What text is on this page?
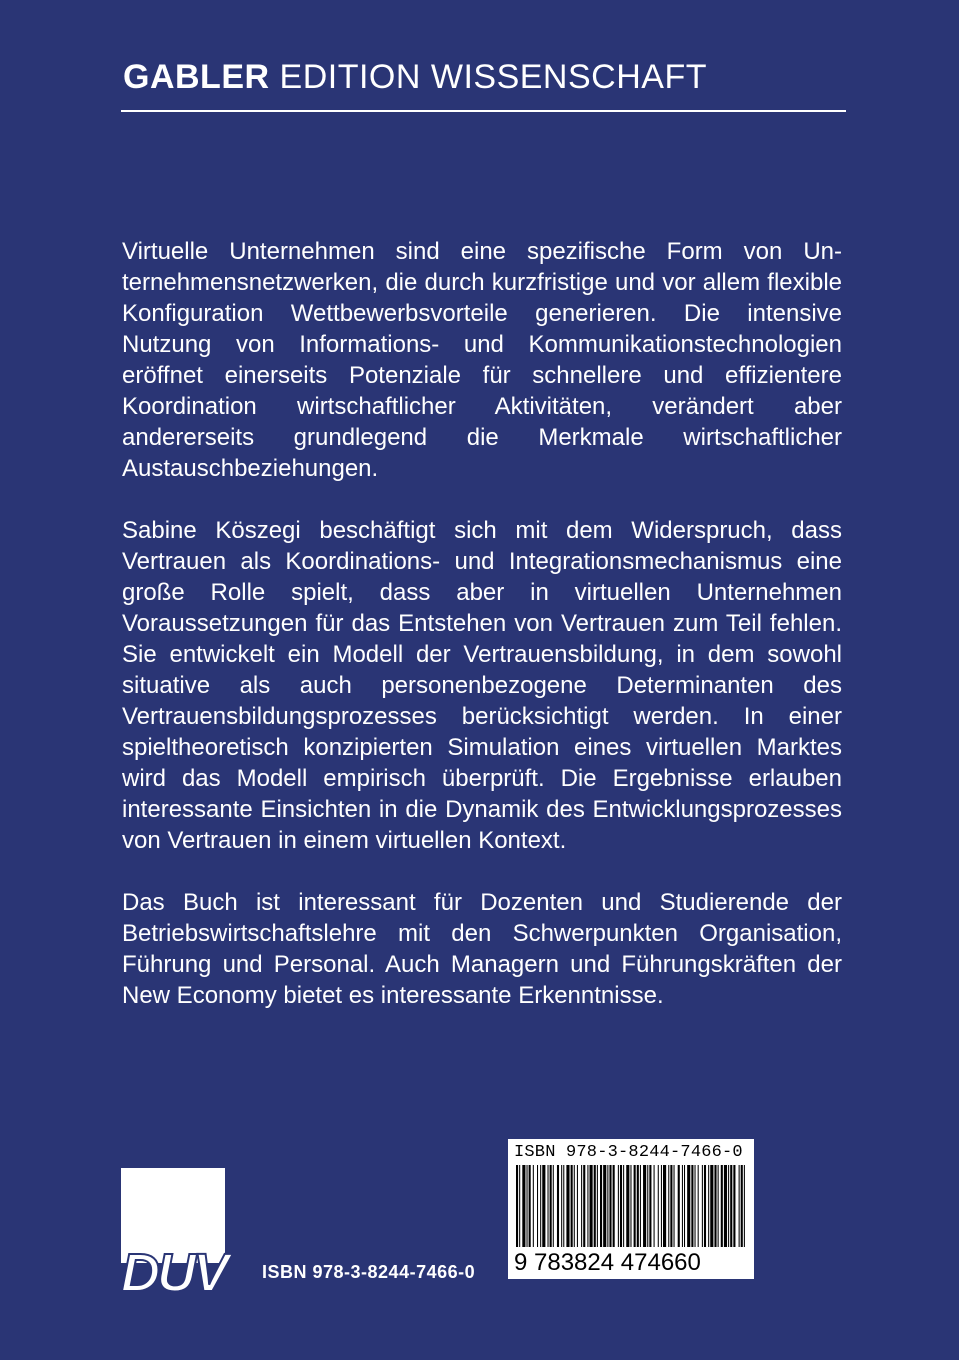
GABLER EDITION WISSENSCHAFT

Virtuelle Unternehmen sind eine spezifische Form von Unternehmensnetzwerken, die durch kurzfristige und vor allem flexible Konfiguration Wettbewerbsvorteile generieren. Die intensive Nutzung von Informations- und Kommunikationstechnologien eröffnet einerseits Potenziale für schnellere und effizientere Koordination wirtschaftlicher Aktivitäten, verändert aber andererseits grundlegend die Merkmale wirtschaftlicher Austauschbeziehungen.

Sabine Köszegi beschäftigt sich mit dem Widerspruch, dass Vertrauen als Koordinations- und Integrationsmechanismus eine große Rolle spielt, dass aber in virtuellen Unternehmen Voraussetzungen für das Entstehen von Vertrauen zum Teil fehlen. Sie entwickelt ein Modell der Vertrauensbildung, in dem sowohl situative als auch personenbezogene Determinanten des Vertrauensbildungsprozesses berücksichtigt werden. In einer spieltheoretisch konzipierten Simulation eines virtuellen Marktes wird das Modell empirisch überprüft. Die Ergebnisse erlauben interessante Einsichten in die Dynamik des Entwicklungsprozesses von Vertrauen in einem virtuellen Kontext.

Das Buch ist interessant für Dozenten und Studierende der Betriebswirtschaftslehre mit den Schwerpunkten Organisation, Führung und Personal. Auch Managern und Führungskräften der New Economy bietet es interessante Erkenntnisse.

ISBN 978-3-8244-7466-0
9 783824 474660
DUV ISBN 978-3-8244-7466-0
